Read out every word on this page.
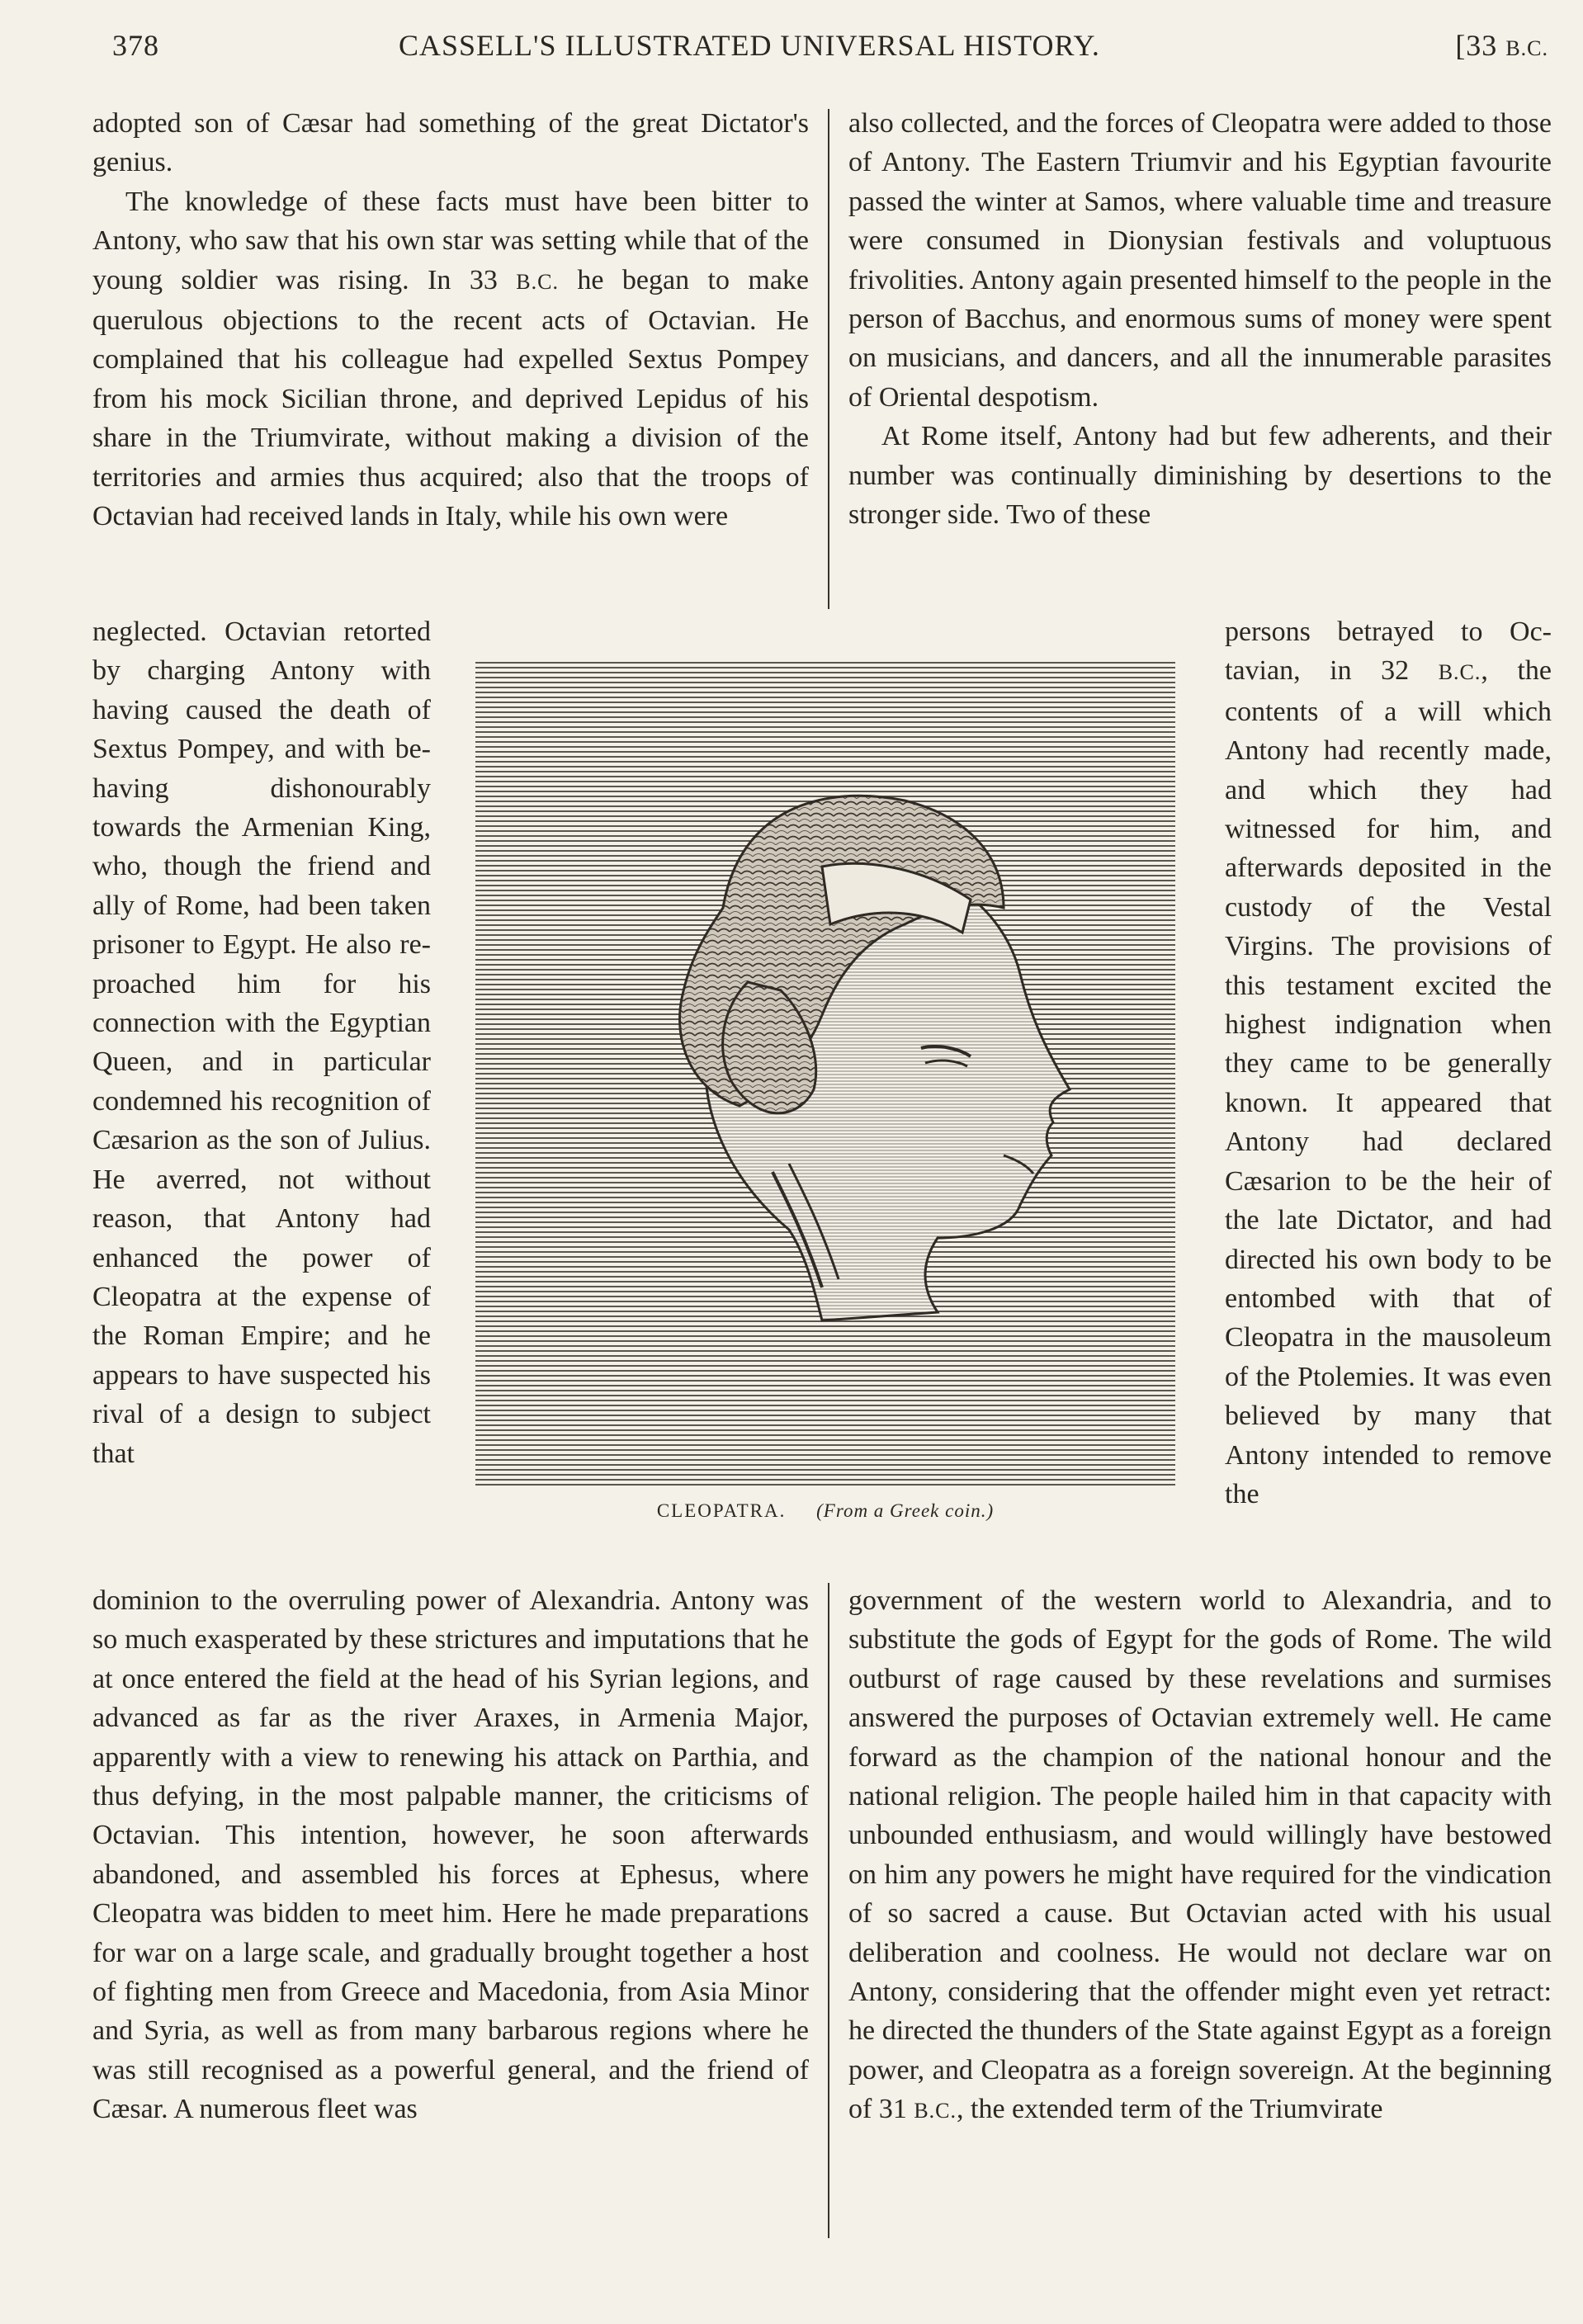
378	CASSELL'S ILLUSTRATED UNIVERSAL HISTORY.	[33 B.C.

adopted son of Cæsar had something of the great Dictator's genius.

The knowledge of these facts must have been bitter to Antony, who saw that his own star was setting while that of the young soldier was rising. In 33 B.C. he began to make querulous objections to the recent acts of Octavian. He complained that his colleague had expelled Sextus Pompey from his mock Sicilian throne, and deprived Lepidus of his share in the Triumvirate, without making a division of the territories and armies thus acquired; also that the troops of Octavian had received lands in Italy, while his own were

neglected. Octavian retorted by charging Antony with having caused the death of Sextus Pompey, and with behaving dishonourably towards the Armenian King, who, though the friend and ally of Rome, had been taken prisoner to Egypt. He also reproached him for his connection with the Egyptian Queen, and in particular condemned his recognition of Cæsarion as the son of Julius. He averred, not without reason, that Antony had enhanced the power of Cleopatra at the expense of the Roman Empire; and he appears to have suspected his rival of a design to subject that

dominion to the overruling power of Alexandria. Antony was so much exasperated by these strictures and imputations that he at once entered the field at the head of his Syrian legions, and advanced as far as the river Araxes, in Armenia Major, apparently with a view to renewing his attack on Parthia, and thus defying, in the most palpable manner, the criticisms of Octavian. This intention, however, he soon afterwards abandoned, and assembled his forces at Ephesus, where Cleopatra was bidden to meet him. Here he made preparations for war on a large scale, and gradually brought together a host of fighting men from Greece and Macedonia, from Asia Minor and Syria, as well as from many barbarous regions where he was still recognised as a powerful general, and the friend of Cæsar. A numerous fleet was

also collected, and the forces of Cleopatra were added to those of Antony. The Eastern Triumvir and his Egyptian favourite passed the winter at Samos, where valuable time and treasure were consumed in Dionysian festivals and voluptuous frivolities. Antony again presented himself to the people in the person of Bacchus, and enormous sums of money were spent on musicians, and dancers, and all the innumerable parasites of Oriental despotism.

At Rome itself, Antony had but few adherents, and their number was continually diminishing by desertions to the stronger side. Two of these

persons betrayed to Octavian, in 32 B.C., the contents of a will which Antony had recently made, and which they had witnessed for him, and afterwards deposited in the custody of the Vestal Virgins. The provisions of this testament excited the highest indignation when they came to be generally known. It appeared that Antony had declared Cæsarion to be the heir of the late Dictator, and had directed his own body to be entombed with that of Cleopatra in the mausoleum of the Ptolemies. It was even believed by many that Antony intended to remove the

government of the western world to Alexandria, and to substitute the gods of Egypt for the gods of Rome. The wild outburst of rage caused by these revelations and surmises answered the purposes of Octavian extremely well. He came forward as the champion of the national honour and the national religion. The people hailed him in that capacity with unbounded enthusiasm, and would willingly have bestowed on him any powers he might have required for the vindication of so sacred a cause. But Octavian acted with his usual deliberation and coolness. He would not declare war on Antony, considering that the offender might even yet retract: he directed the thunders of the State against Egypt as a foreign power, and Cleopatra as a foreign sovereign. At the beginning of 31 B.C., the extended term of the Triumvirate

CLEOPATRA. (From a Greek coin.)
